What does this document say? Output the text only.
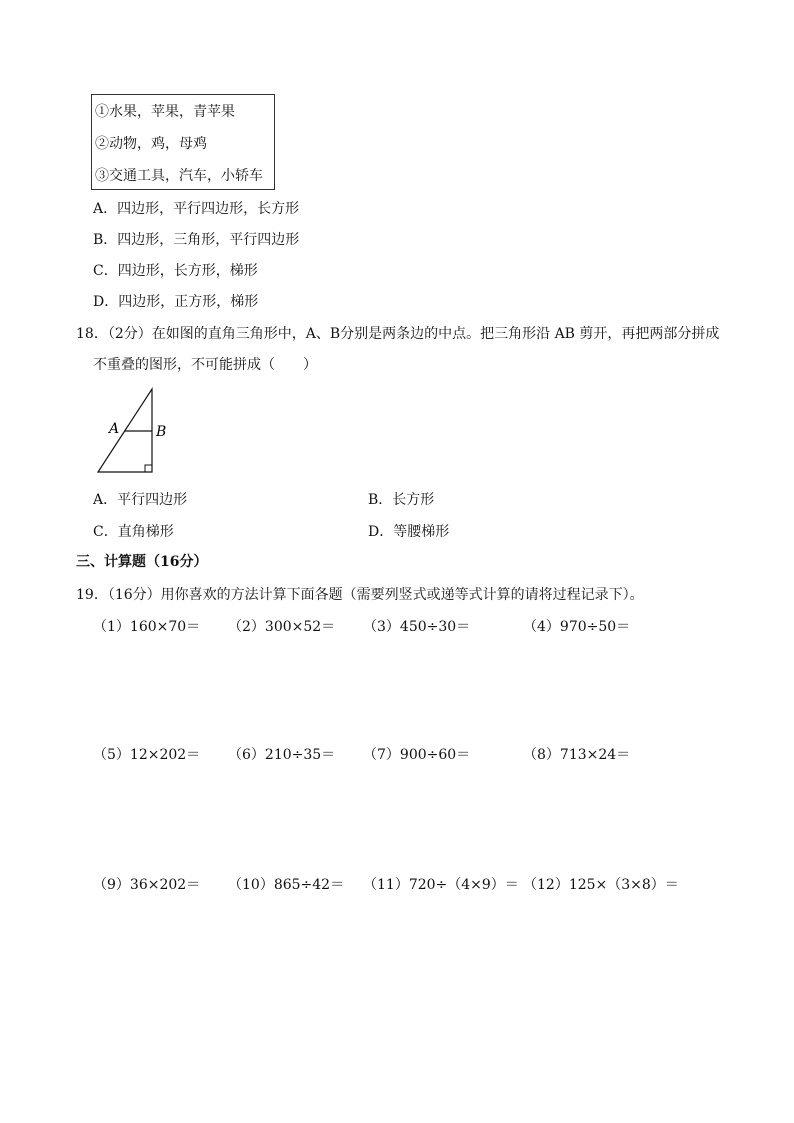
①水果，苹果，青苹果
②动物，鸡，母鸡
③交通工具，汽车，小轿车
A．四边形，平行四边形，长方形
B．四边形，三角形，平行四边形
C．四边形，长方形，梯形
D．四边形，正方形，梯形
18．（2分）在如图的直角三角形中，A、B分别是两条边的中点。把三角形沿 AB 剪开，再把两部分拼成
不重叠的图形，不可能拼成（　　）
A	B
A．平行四边形	B．长方形
C．直角梯形	D．等腰梯形
三、计算题（16分）
19．（16分）用你喜欢的方法计算下面各题（需要列竖式或递等式计算的请将过程记录下）。
（1）160×70＝ （2）300×52＝ （3）450÷30＝	（4）970÷50＝
（5）12×202＝ （6）210÷35＝ （7）900÷60＝	（8）713×24＝
（9）36×202＝ （10）865÷42＝ （11）720÷（4×9）＝ （12）125×（3×8）＝
